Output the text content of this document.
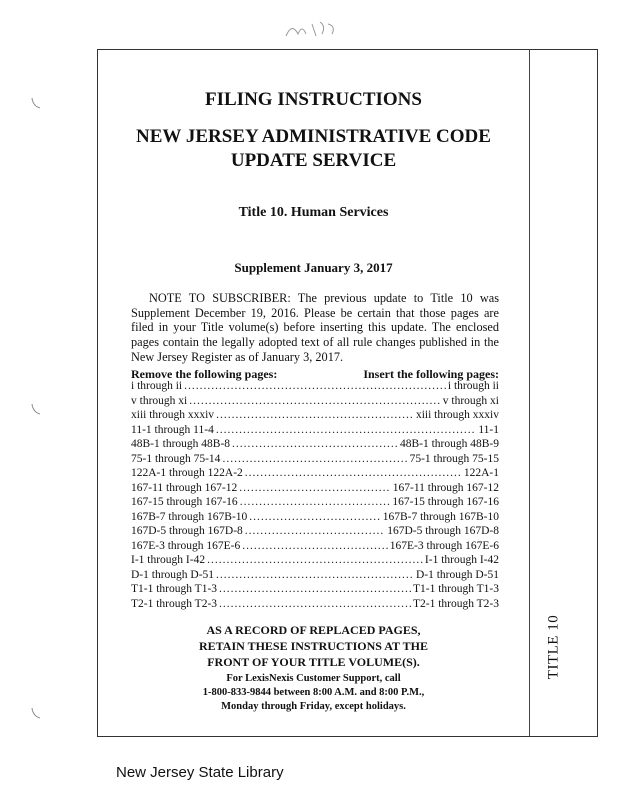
FILING INSTRUCTIONS
NEW JERSEY ADMINISTRATIVE CODE
UPDATE SERVICE
Title 10. Human Services
Supplement January 3, 2017
NOTE TO SUBSCRIBER: The previous update to Title 10 was Supplement December 19, 2016. Please be certain that those pages are filed in your Title volume(s) before inserting this update. The enclosed pages contain the legally adopted text of all rule changes published in the New Jersey Register as of January 3, 2017.
Remove the following pages:	Insert the following pages:
i through ii .....	i through ii
v through xi .....	v through xi
xiii through xxxiv .....	xiii through xxxiv
11-1 through 11-4 .....	11-1
48B-1 through 48B-8 .....	48B-1 through 48B-9
75-1 through 75-14 .....	75-1 through 75-15
122A-1 through 122A-2 .....	122A-1
167-11 through 167-12 .....	167-11 through 167-12
167-15 through 167-16 .....	167-15 through 167-16
167B-7 through 167B-10 .....	167B-7 through 167B-10
167D-5 through 167D-8 .....	167D-5 through 167D-8
167E-3 through 167E-6 .....	167E-3 through 167E-6
I-1 through I-42 .....	I-1 through I-42
D-1 through D-51 .....	D-1 through D-51
T1-1 through T1-3 .....	T1-1 through T1-3
T2-1 through T2-3 .....	T2-1 through T2-3
AS A RECORD OF REPLACED PAGES,
RETAIN THESE INSTRUCTIONS AT THE
FRONT OF YOUR TITLE VOLUME(S).
For LexisNexis Customer Support, call
1-800-833-9844 between 8:00 A.M. and 8:00 P.M.,
Monday through Friday, except holidays.
TITLE 10
New Jersey State Library
